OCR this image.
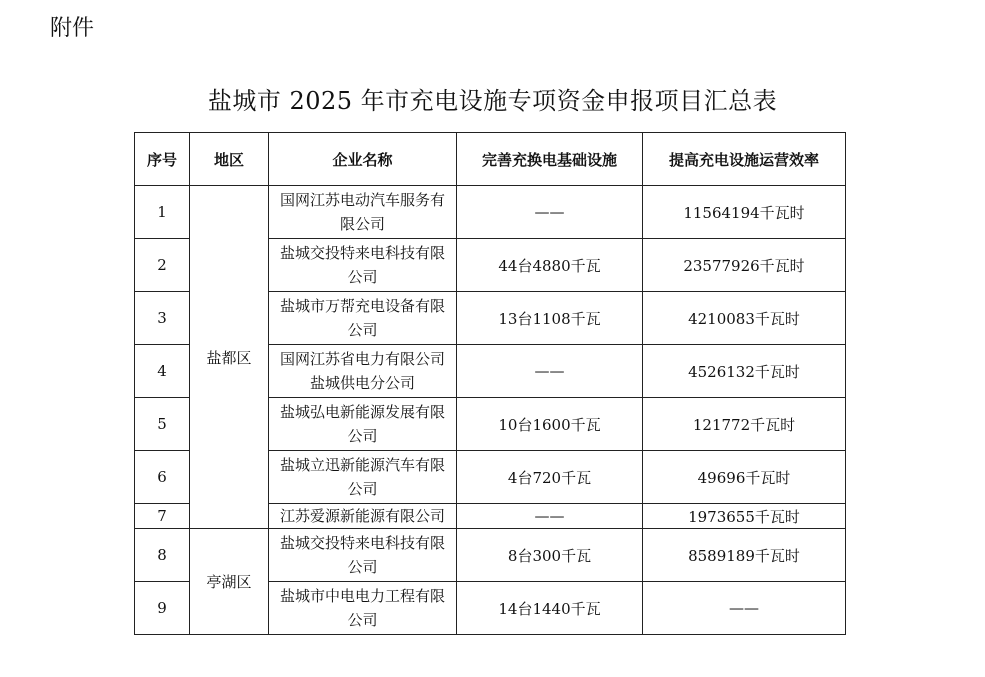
附件
盐城市 2025 年市充电设施专项资金申报项目汇总表
序号	地区	企业名称	完善充换电基础设施	提高充电设施运营效率
1	盐都区	国网江苏电动汽车服务有限公司	——	11564194千瓦时
2		盐城交投特来电科技有限公司	44台4880千瓦	23577926千瓦时
3		盐城市万帮充电设备有限公司	13台1108千瓦	4210083千瓦时
4		国网江苏省电力有限公司盐城供电分公司	——	4526132千瓦时
5		盐城弘电新能源发展有限公司	10台1600千瓦	121772千瓦时
6		盐城立迅新能源汽车有限公司	4台720千瓦	49696千瓦时
7		江苏爱源新能源有限公司	——	1973655千瓦时
8	亭湖区	盐城交投特来电科技有限公司	8台300千瓦	8589189千瓦时
9		盐城市中电电力工程有限公司	14台1440千瓦	——
